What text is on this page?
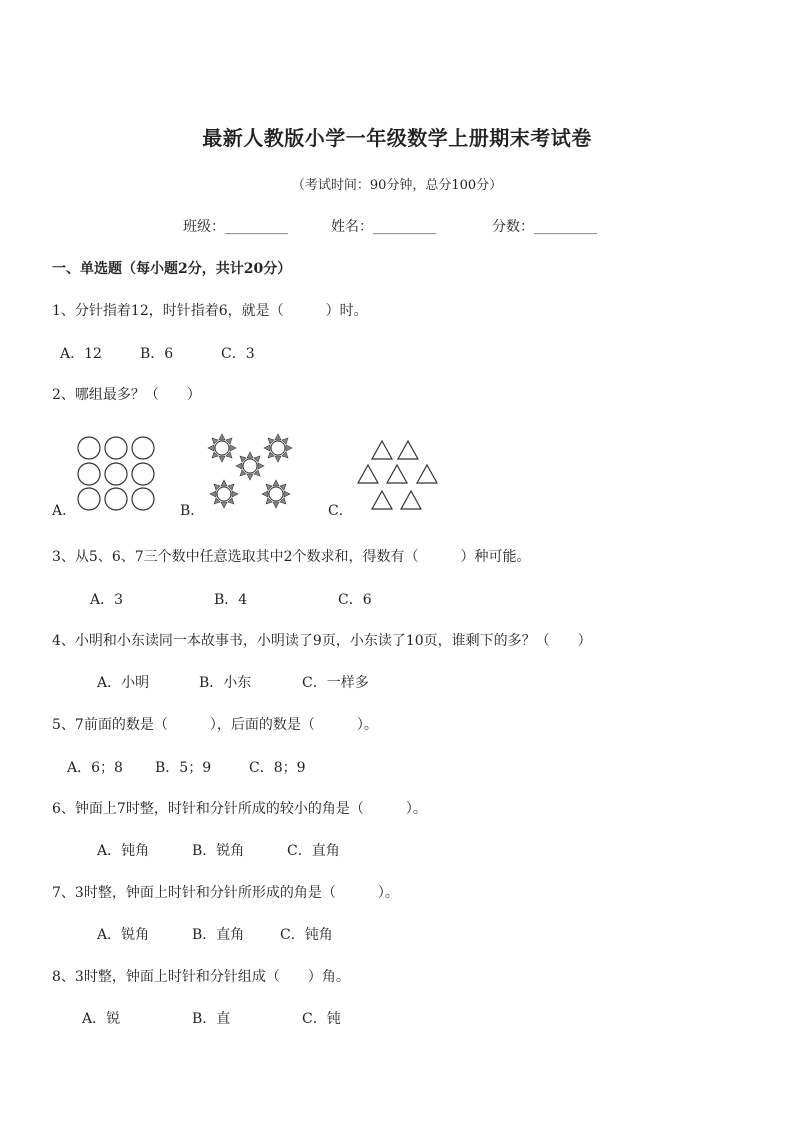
最新人教版小学一年级数学上册期末考试卷
（考试时间：90分钟，总分100分）
班级：_________	姓名：_________	分数：_________
一、单选题（每小题2分，共计20分）
1、分针指着12，时针指着6，就是（　　　）时。
A．12	B．6	C．3
2、哪组最多？（　　）
A．	B．	C．
3、从5、6、7三个数中任意选取其中2个数求和，得数有（　　　）种可能。
A．3	B．4	C．6
4、小明和小东读同一本故事书，小明读了9页，小东读了10页，谁剩下的多？（　　）
A．小明	B．小东	C．一样多
5、7前面的数是（　　　），后面的数是（　　　）。
A．6；8 B．5；9	C．8；9
6、钟面上7时整，时针和分针所成的较小的角是（　　　）。
A．钝角	B．锐角	C．直角
7、3时整，钟面上时针和分针所形成的角是（　　　）。
A．锐角	B．直角	C．钝角
8、3时整，钟面上时针和分针组成（　　）角。
A．锐	B．直	C．钝
